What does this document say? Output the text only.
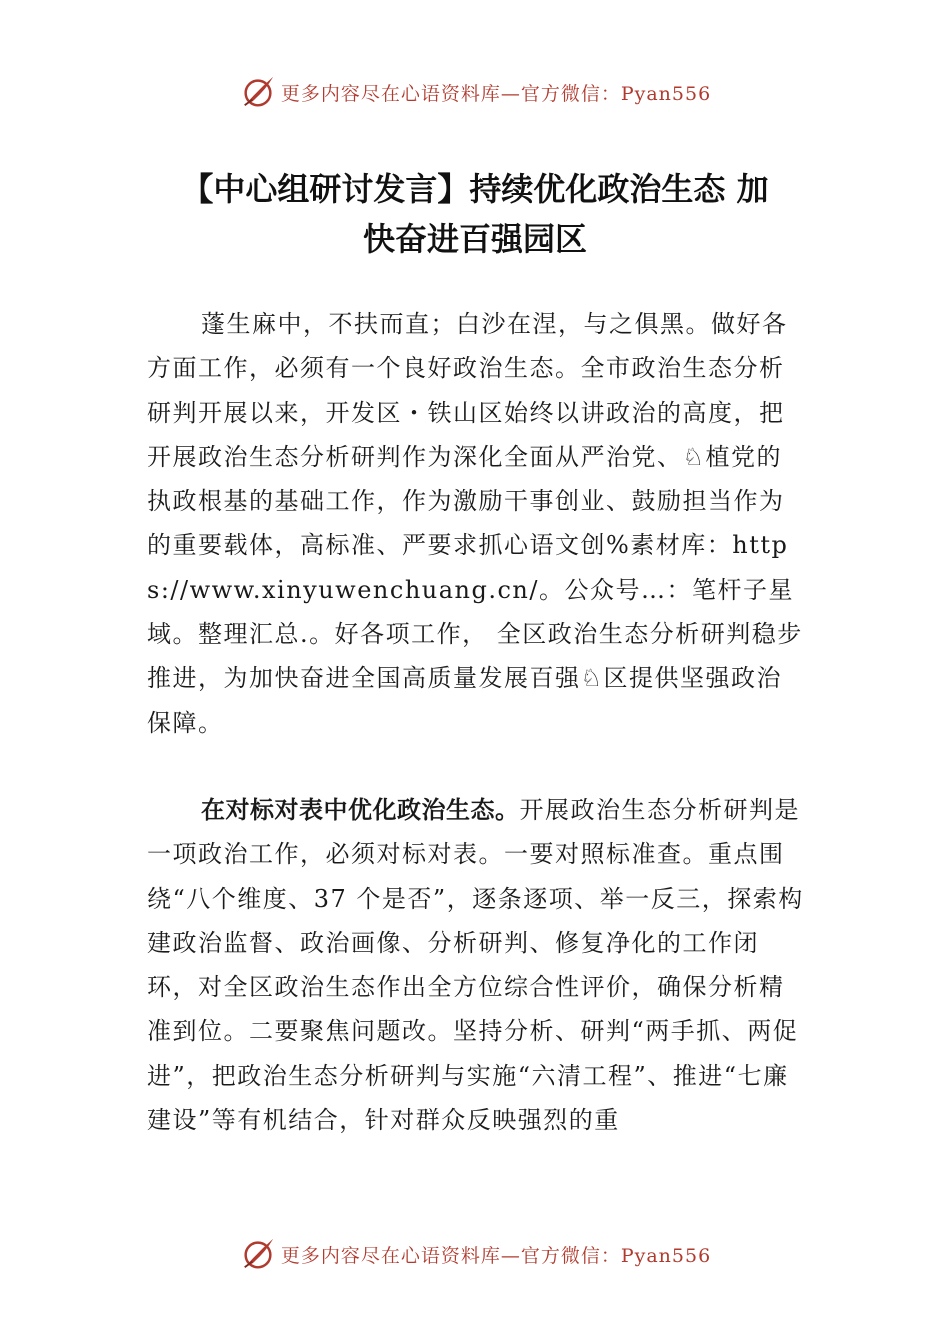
更多内容尽在心语资料库—官方微信：Pyan556
【中心组研讨发言】持续优化政治生态 加
快奋进百强园区

蓬生麻中，不扶而直；白沙在涅，与之俱黑。做好各方面工作，必须有一个良好政治生态。全市政治生态分析研判开展以来，开发区・铁山区始终以讲政治的高度，把开展政治生态分析研判作为深化全面从严治党、♘植党的执政根基的基础工作，作为激励干事创业、鼓励担当作为的重要载体，高标准、严要求抓心语文创%素材库：https://www.xinyuwenchuang.cn/。公众号…：笔杆子星域。整理汇总.。好各项工作， 全区政治生态分析研判稳步推进，为加快奋进全国高质量发展百强♘区提供坚强政治保障。

在对标对表中优化政治生态。开展政治生态分析研判是一项政治工作，必须对标对表。一要对照标准查。重点围绕“八个维度、37 个是否”，逐条逐项、举一反三，探索构建政治监督、政治画像、分析研判、修复净化的工作闭环，对全区政治生态作出全方位综合性评价，确保分析精准到位。二要聚焦问题改。坚持分析、研判“两手抓、两促进”，把政治生态分析研判与实施“六清工程”、推进“七廉建设”等有机结合，针对群众反映强烈的重

更多内容尽在心语资料库—官方微信：Pyan556
